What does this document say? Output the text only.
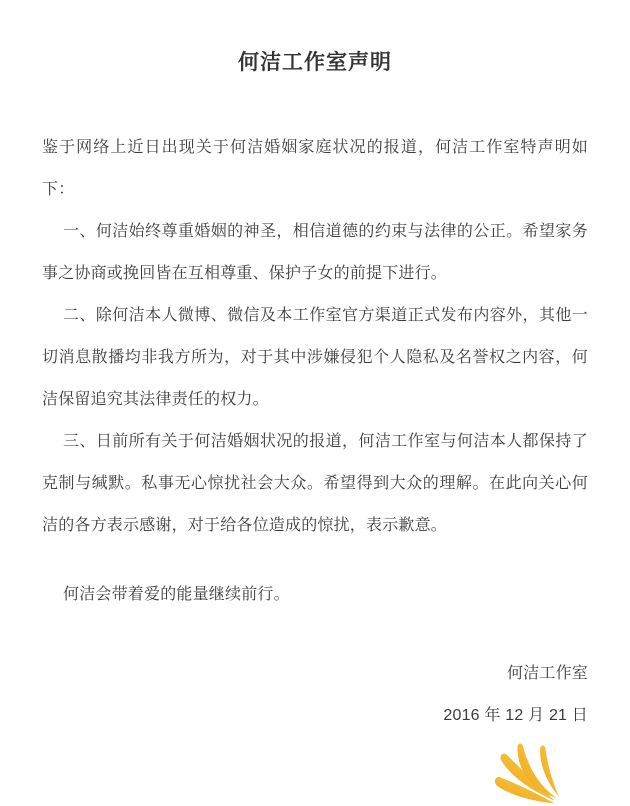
何洁工作室声明

鉴于网络上近日出现关于何洁婚姻家庭状况的报道，何洁工作室特声明如下：

一、何洁始终尊重婚姻的神圣，相信道德的约束与法律的公正。希望家务事之协商或挽回皆在互相尊重、保护子女的前提下进行。

二、除何洁本人微博、微信及本工作室官方渠道正式发布内容外，其他一切消息散播均非我方所为，对于其中涉嫌侵犯个人隐私及名誉权之内容，何洁保留追究其法律责任的权力。

三、日前所有关于何洁婚姻状况的报道，何洁工作室与何洁本人都保持了克制与缄默。私事无心惊扰社会大众。希望得到大众的理解。在此向关心何洁的各方表示感谢，对于给各位造成的惊扰，表示歉意。

何洁会带着爱的能量继续前行。

何洁工作室

2016 年 12 月 21 日
